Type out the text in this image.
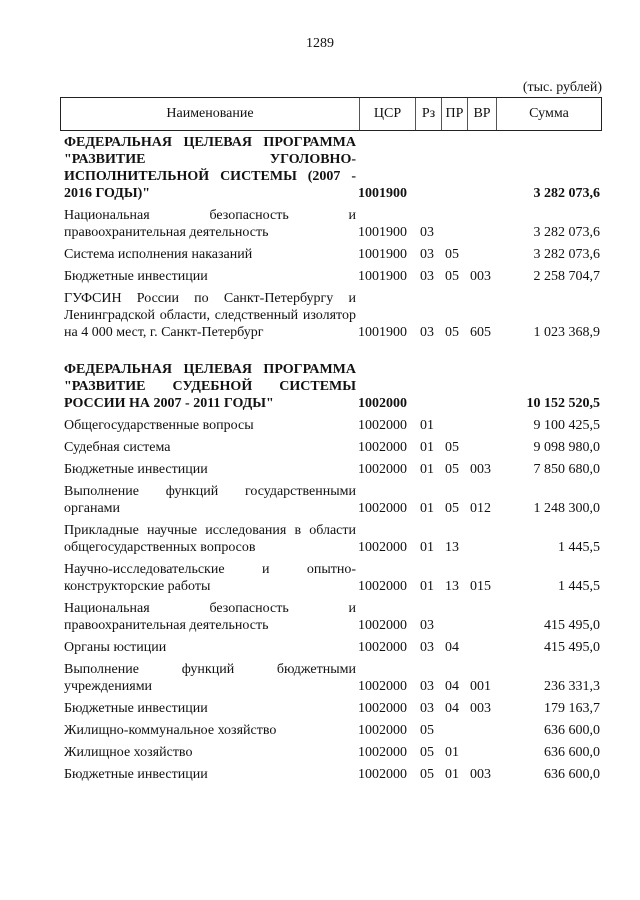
1289
(тыс. рублей)
Наименование	ЦСР	Рз ПР ВР	Сумма
ФЕДЕРАЛЬНАЯ ЦЕЛЕВАЯ ПРОГРАММА "РАЗВИТИЕ УГОЛОВНО-ИСПОЛНИТЕЛЬНОЙ СИСТЕМЫ (2007 - 2016 ГОДЫ)"	1001900	3 282 073,6
Национальная безопасность и правоохранительная деятельность	1001900 03	3 282 073,6
Система исполнения наказаний	1001900 03 05	3 282 073,6
Бюджетные инвестиции	1001900 03 05 003	2 258 704,7
ГУФСИН России по Санкт-Петербургу и Ленинградской области, следственный изолятор на 4 000 мест, г. Санкт-Петербург	1001900 03 05 605	1 023 368,9
ФЕДЕРАЛЬНАЯ ЦЕЛЕВАЯ ПРОГРАММА "РАЗВИТИЕ СУДЕБНОЙ СИСТЕМЫ РОССИИ НА 2007 - 2011 ГОДЫ"	1002000	10 152 520,5
Общегосударственные вопросы	1002000 01	9 100 425,5
Судебная система	1002000 01 05	9 098 980,0
Бюджетные инвестиции	1002000 01 05 003	7 850 680,0
Выполнение функций государственными органами	1002000 01 05 012	1 248 300,0
Прикладные научные исследования в области общегосударственных вопросов	1002000 01 13	1 445,5
Научно-исследовательские и опытно-конструкторские работы	1002000 01 13 015	1 445,5
Национальная безопасность и правоохранительная деятельность	1002000 03	415 495,0
Органы юстиции	1002000 03 04	415 495,0
Выполнение функций бюджетными учреждениями	1002000 03 04 001	236 331,3
Бюджетные инвестиции	1002000 03 04 003	179 163,7
Жилищно-коммунальное хозяйство	1002000 05	636 600,0
Жилищное хозяйство	1002000 05 01	636 600,0
Бюджетные инвестиции	1002000 05 01 003	636 600,0
